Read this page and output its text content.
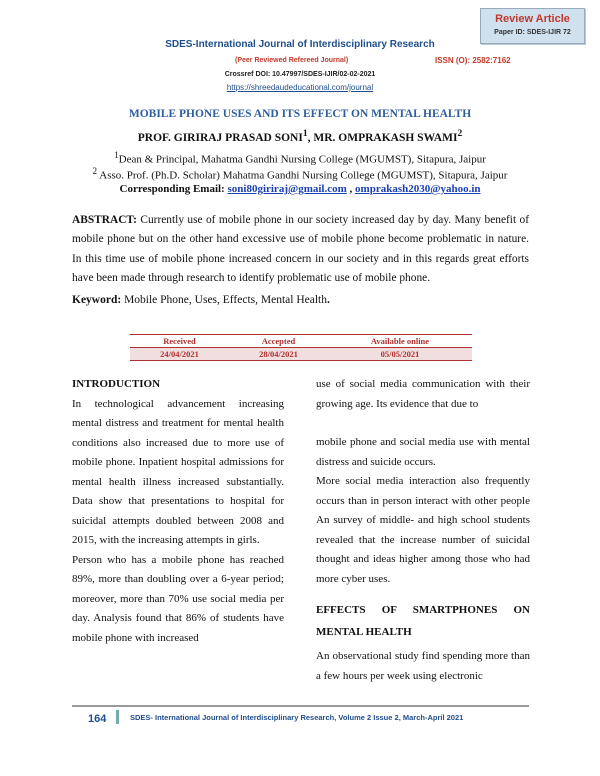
Review Article
Paper ID: SDES-IJIR 72
SDES-International Journal of Interdisciplinary Research
(Peer Reviewed Refereed Journal)	ISSN (O): 2582:7162
Crossref DOI: 10.47997/SDES-IJIR/02-02-2021
https://shreedaudeducational.com/journal
MOBILE PHONE USES AND ITS EFFECT ON MENTAL HEALTH
PROF. GIRIRAJ PRASAD SONI$^1$, MR. OMPRAKASH SWAMI$^2$
$^1$Dean & Principal, Mahatma Gandhi Nursing College (MGUMST), Sitapura, Jaipur
$^2$ Asso. Prof. (Ph.D. Scholar) Mahatma Gandhi Nursing College (MGUMST), Sitapura, Jaipur
Corresponding Email: soni80giriraj@gmail.com , omprakash2030@yahoo.in
ABSTRACT: Currently use of mobile phone in our society increased day by day. Many benefit of mobile phone but on the other hand excessive use of mobile phone become problematic in nature. In this time use of mobile phone increased concern in our society and in this regards great efforts have been made through research to identify problematic use of mobile phone.
Keyword: Mobile Phone, Uses, Effects, Mental Health.
Received	Accepted	Available online
24/04/2021	28/04/2021	05/05/2021

INTRODUCTION

In technological advancement increasing mental distress and treatment for mental health conditions also increased due to more use of mobile phone. Inpatient hospital admissions for mental health illness increased substantially. Data show that presentations to hospital for suicidal attempts doubled between 2008 and 2015, with the increasing attempts in girls.

Person who has a mobile phone has reached 89%, more than doubling over a 6-year period; moreover, more than 70% use social media per day. Analysis found that 86% of students have mobile phone with increased

use of social media communication with their growing age. Its evidence that due to

mobile phone and social media use with mental distress and suicide occurs.

More social media interaction also frequently occurs than in person interact with other people An survey of middle- and high school students revealed that the increase number of suicidal thought and ideas higher among those who had more cyber uses.

EFFECTS OF SMARTPHONES ON MENTAL HEALTH

An observational study find spending more than a few hours per week using electronic

164	SDES- International Journal of Interdisciplinary Research, Volume 2 Issue 2, March-April 2021
